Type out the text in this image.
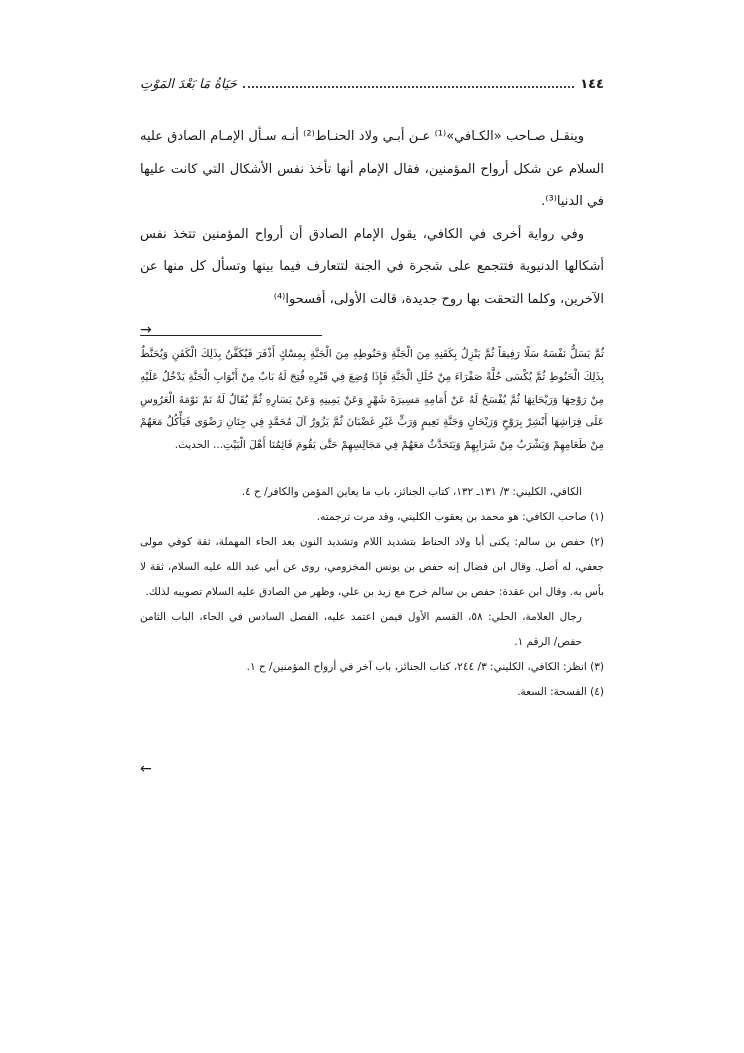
١٤٤
حَيَاةُ مَا بَعْدَ المَوْتِ

وينقـل صـاحب «الكـافي»⁽¹⁾ عـن أبـي ولاد الحنـاط⁽²⁾ أنـه سـأل الإمـام الصادق عليه السلام عن شكل أرواح المؤمنين، فقال الإمام أنها تأخذ نفس الأشكال التي كانت عليها في الدنيا⁽³⁾.

وفي رواية أخرى في الكافي، يقول الإمام الصادق أن أرواح المؤمنين تتخذ نفس أشكالها الدنيوية فتتجمع على شجرة في الجنة لتتعارف فيما بينها وتسأل كل منها عن الآخرين، وكلما التحقت بها روح جديدة، قالت الأولى، أفسحوا⁽⁴⁾

→
ثُمَّ يَسَلُّ نَفْسَهُ سَلًا رَفِيقاً ثُمَّ يَنْزِلُ بِكَفَنِهِ مِنَ الْجَنَّةِ وَحَنُوطِهِ مِنَ الْجَنَّةِ بِمِسْكٍ أَذْفَرَ فَيُكَفَّنُ بِذَلِكَ الْكَفَنِ وَيُحَنَّطُ بِذَلِكَ الْحَنُوطِ ثُمَّ يُكْسَى حُلَّةً صَفْرَاءَ مِنْ حُلَلِ الْجَنَّةِ فَإِذَا وُضِعَ فِي قَبْرِهِ فُتِحَ لَهُ بَابٌ مِنْ أَبْوَابِ الْجَنَّةِ يَدْخُلُ عَلَيْهِ مِنْ رَوْحِهَا وَرَيْحَانِهَا ثُمَّ يُفْسَحُ لَهُ عَنْ أَمَامِهِ مَسِيرَةَ شَهْرٍ وَعَنْ يَمِينِهِ وَعَنْ يَسَارِهِ ثُمَّ يُقَالُ لَهُ نَمْ نَوْمَةَ الْعَرُوسِ عَلَى فِرَاشِهَا أَبْشِرْ بِرَوْحٍ وَرَيْحَانٍ وَجَنَّةِ نَعِيمٍ وَرَبٍّ غَيْرِ غَضْبَانَ ثُمَّ يَزُورُ آلَ مُحَمَّدٍ فِي جِنَانِ رَضْوَى فَيَأْكُلُ مَعَهُمْ مِنْ طَعَامِهِمْ وَيَشْرَبُ مِنْ شَرَابِهِمْ وَيَتَحَدَّثُ مَعَهُمْ فِي مَجَالِسِهِمْ حَتَّى يَقُومَ قَائِمُنَا أَهْلَ الْبَيْتِ... الحديث.

الكافي، الكليني: ٣/ ١٣١ـ ١٣٢، كتاب الجنائز، باب ما يعاين المؤمن والكافر/ ح ٤.

(١) صاحب الكافي: هو محمد بن يعقوب الكليني، وقد مرت ترجمته.

(٢) حفص بن سالم: يكنى أبا ولاد الحناط بتشديد اللام وتشديد النون بعد الحاء المهملة، ثقة كوفي مولى جعفي، له أصل. وقال ابن فضال إنه حفص بن يونس المخزومي، روى عن أبي عبد الله عليه السلام، ثقة لا بأس به. وقال ابن عقدة: حفص بن سالم خرج مع زيد بن علي، وظهر من الصادق عليه السلام تصويبه لذلك.

رجال العلامة، الحلي: ٥٨، القسم الأول فيمن اعتمد عليه، الفصل السادس في الحاء، الباب الثامن حفص/ الرقم ١.

(٣) انظر: الكافي، الكليني: ٣/ ٢٤٤، كتاب الجنائز، باب آخر في أرواح المؤمنين/ ح ١.

(٤) الفسحة: السعة.

←
